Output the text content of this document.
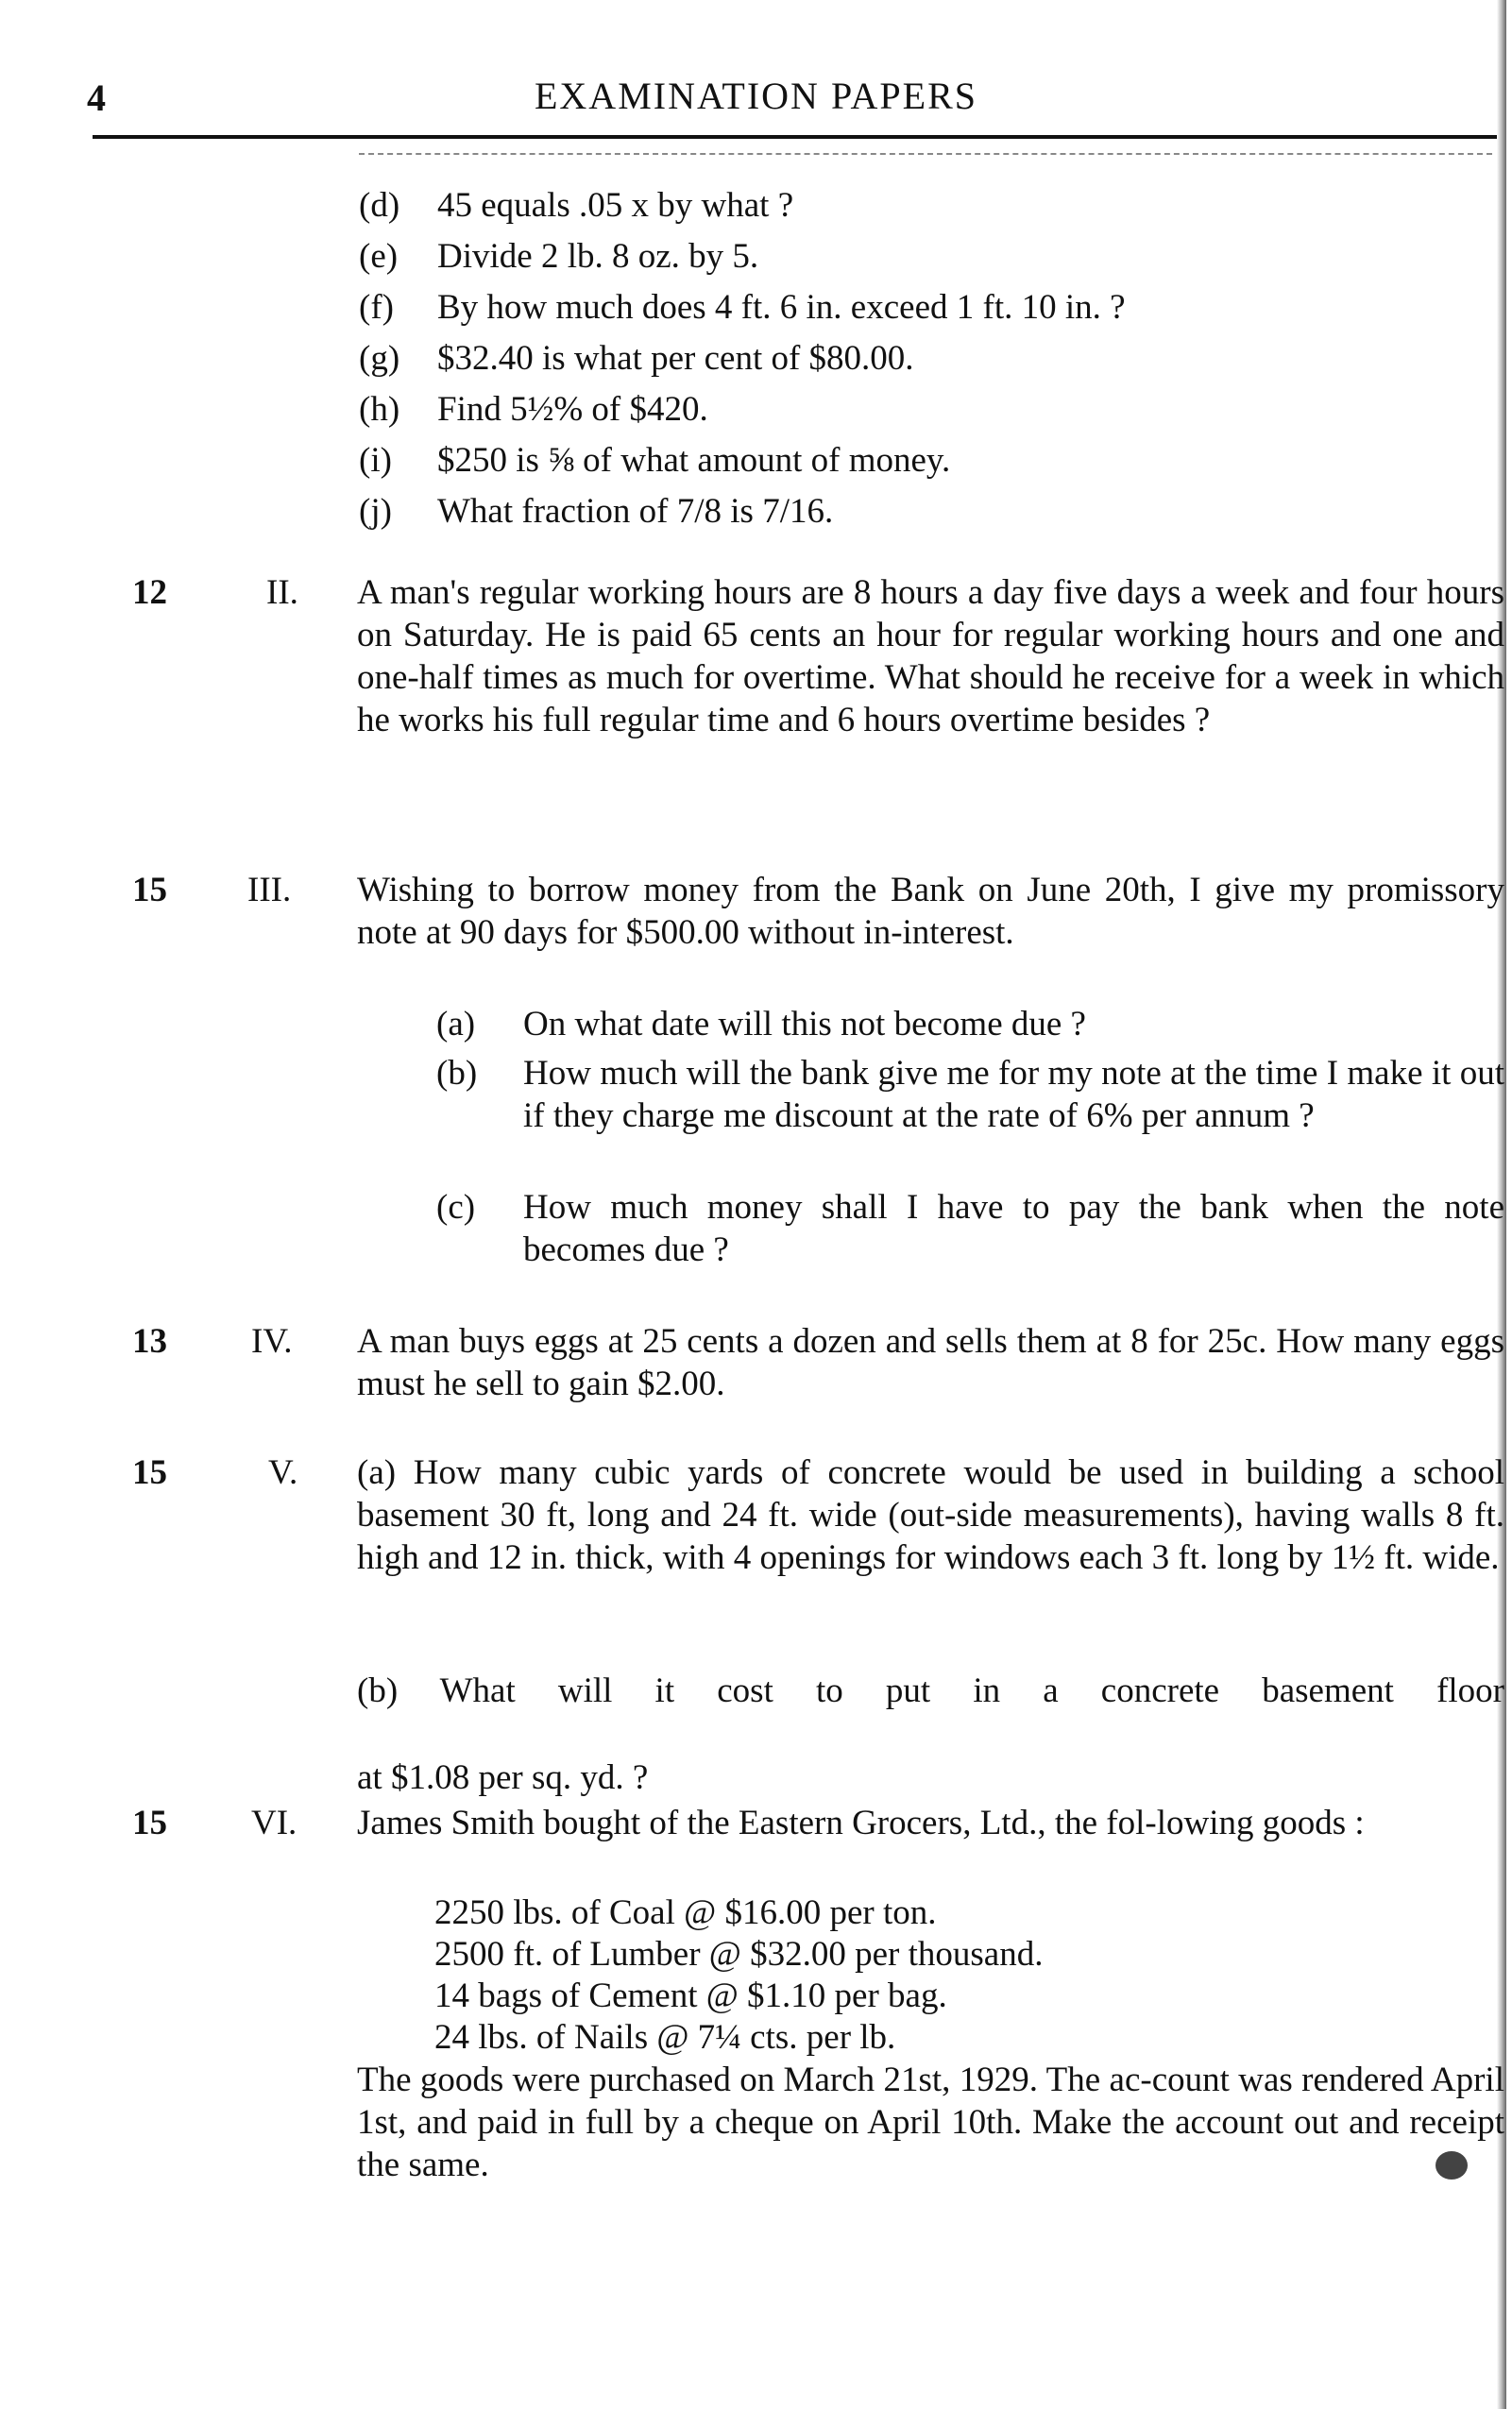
4	EXAMINATION PAPERS
(d) 45 equals .05 x by what ?
(e) Divide 2 lb. 8 oz. by 5.
(f) By how much does 4 ft. 6 in. exceed 1 ft. 10 in. ?
(g) $32.40 is what per cent of $80.00.
(h) Find 5½% of $420.
(i) $250 is ⅝ of what amount of money.
(j) What fraction of 7/8 is 7/16.
12	II. A man's regular working hours are 8 hours a day five days a week and four hours on Saturday. He is paid 65 cents an hour for regular working hours and one and one-half times as much for overtime. What should he receive for a week in which he works his full regular time and 6 hours overtime besides ?
15 III. Wishing to borrow money from the Bank on June 20th, I give my promissory note at 90 days for $500.00 without in-interest.
(a)	On what date will this not become due ?
(b)	How much will the bank give me for my note at the time I make it out if they charge me discount at the rate of 6% per annum ?
(c)	How much money shall I have to pay the bank when the note becomes due ?
13 IV. A man buys eggs at 25 cents a dozen and sells them at 8 for 25c. How many eggs must he sell to gain $2.00.
15	V. (a) How many cubic yards of concrete would be used in building a school basement 30 ft, long and 24 ft. wide (out-side measurements), having walls 8 ft. high and 12 in. thick, with 4 openings for windows each 3 ft. long by 1½ ft. wide.
(b) What will it cost to put in a concrete basement floor
at $1.08 per sq. yd. ?
15 VI. James Smith bought of the Eastern Grocers, Ltd., the fol-lowing goods :
2250 lbs. of Coal @ $16.00 per ton.
2500 ft. of Lumber @ $32.00 per thousand.
14 bags of Cement @ $1.10 per bag.
24 lbs. of Nails @ 7¼ cts. per lb.
The goods were purchased on March 21st, 1929. The ac-count was rendered April 1st, and paid in full by a cheque on April 10th. Make the account out and receipt the same.
